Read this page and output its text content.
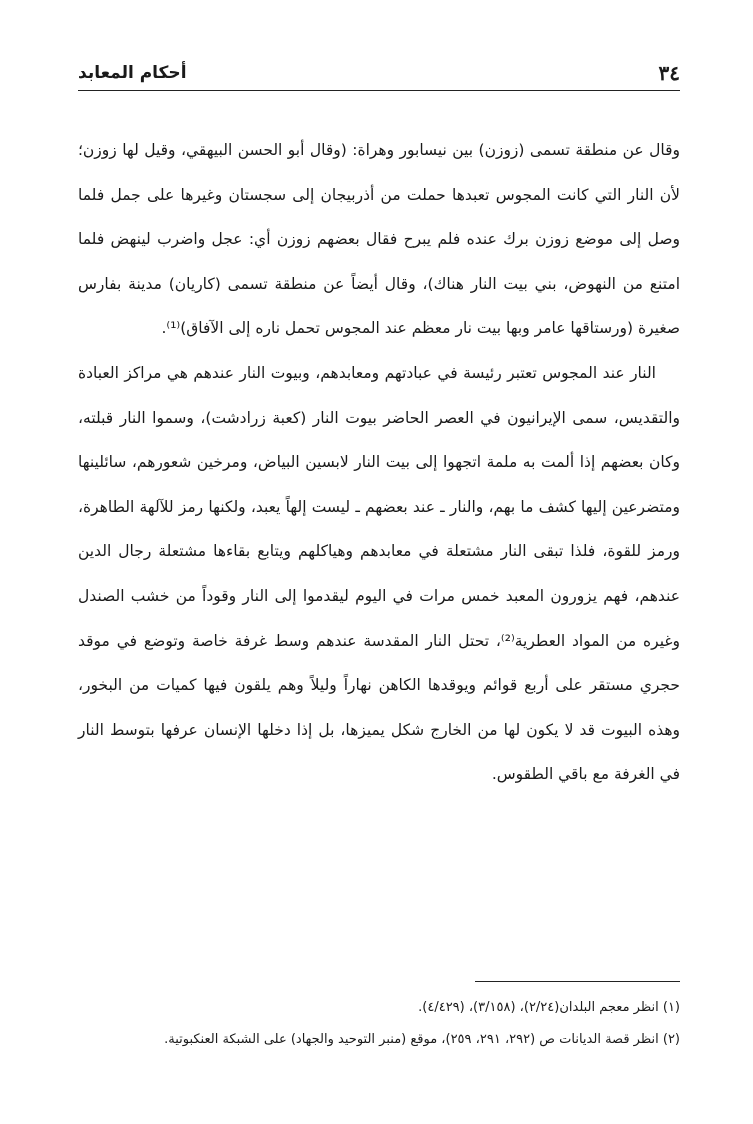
٣٤
أحكام المعابد

وقال عن منطقة تسمى (زوزن) بين نيسابور وهراة: (وقال أبو الحسن البيهقي، وقيل لها زوزن؛ لأن النار التي كانت المجوس تعبدها حملت من أذربيجان إلى سجستان وغيرها على جمل فلما وصل إلى موضع زوزن برك عنده فلم يبرح فقال بعضهم زوزن أي: عجل واضرب لينهض فلما امتنع من النهوض، بني بيت النار هناك)، وقال أيضاً عن منطقة تسمى (كاريان) مدينة بفارس صغيرة (ورستاقها عامر وبها بيت نار معظم عند المجوس تحمل ناره إلى الآفاق)⁽¹⁾.

النار عند المجوس تعتبر رئيسة في عبادتهم ومعابدهم، وبيوت النار عندهم هي مراكز العبادة والتقديس، سمى الإيرانيون في العصر الحاضر بيوت النار (كعبة زرادشت)، وسموا النار قبلته، وكان بعضهم إذا ألمت به ملمة اتجهوا إلى بيت النار لابسين البياض، ومرخين شعورهم، سائلينها ومتضرعين إليها كشف ما بهم، والنار ـ عند بعضهم ـ ليست إلهاً يعبد، ولكنها رمز للآلهة الطاهرة، ورمز للقوة، فلذا تبقى النار مشتعلة في معابدهم وهياكلهم ويتابع بقاءها مشتعلة رجال الدين عندهم، فهم يزورون المعبد خمس مرات في اليوم ليقدموا إلى النار وقوداً من خشب الصندل وغيره من المواد العطرية⁽²⁾، تحتل النار المقدسة عندهم وسط غرفة خاصة وتوضع في موقد حجري مستقر على أربع قوائم ويوقدها الكاهن نهاراً وليلاً وهم يلقون فيها كميات من البخور، وهذه البيوت قد لا يكون لها من الخارج شكل يميزها، بل إذا دخلها الإنسان عرفها بتوسط النار في الغرفة مع باقي الطقوس.

(١) انظر معجم البلدان(٢/٢٤)، (٣/١٥٨)، (٤/٤٢٩).

(٢) انظر قصة الديانات ص (٢٩٢، ٢٩١، ٢٥٩)، موقع (منبر التوحيد والجهاد) على الشبكة العنكبوتية.
